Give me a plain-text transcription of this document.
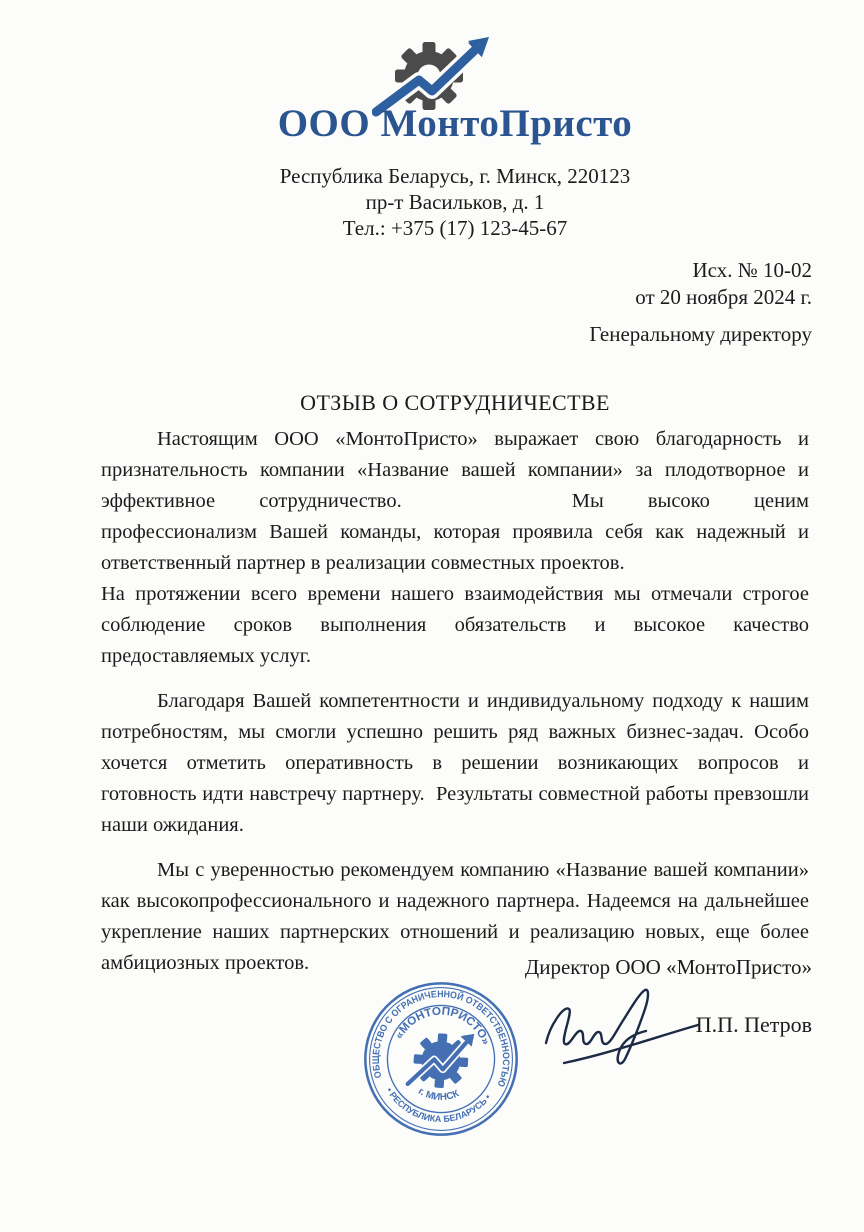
ООО МонтоПристо
Республика Беларусь, г. Минск, 220123
пр-т Васильков, д. 1
Тел.: +375 (17) 123-45-67
Исх. № 10-02
от 20 ноября 2024 г.
Генеральному директору
ОТЗЫВ О СОТРУДНИЧЕСТВЕ

Настоящим ООО «МонтоПристо» выражает свою благодарность и признательность компании «Название вашей компании» за плодотворное и эффективное сотрудничество.	Мы высоко ценим профессионализм Вашей команды, которая проявила себя как надежный и ответственный партнер в реализации совместных проектов.

На протяжении всего времени нашего взаимодействия мы отмечали строгое соблюдение сроков выполнения обязательств и высокое качество предоставляемых услуг.

Благодаря Вашей компетентности и индивидуальному подходу к нашим потребностям, мы смогли успешно решить ряд важных бизнес-задач. Особо хочется отметить оперативность в решении возникающих вопросов и готовность идти навстречу партнеру.  Результаты совместной работы превзошли наши ожидания.

Мы с уверенностью рекомендуем компанию «Название вашей компании» как высокопрофессионального и надежного партнера. Надеемся на дальнейшее укрепление наших партнерских отношений и реализацию новых, еще более амбициозных проектов.	Директор ООО «МонтоПристо»
П.П. Петров
ОБЩЕСТВО С ОГРАНИЧЕННОЙ ОТВЕТСТВЕННОСТЬЮ
• РЕСПУБЛИКА БЕЛАРУСЬ •
«МОНТОПРИСТО»
г. МИНСК
